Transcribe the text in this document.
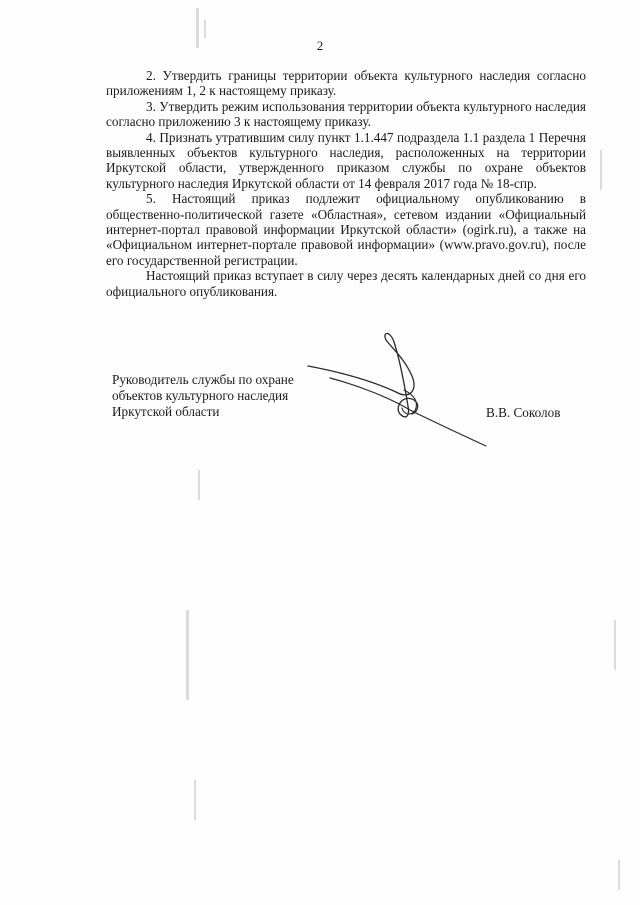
2

2. Утвердить границы территории объекта культурного наследия согласно приложениям 1, 2 к настоящему приказу.

3. Утвердить режим использования территории объекта культурного наследия согласно приложению 3 к настоящему приказу.

4. Признать утратившим силу пункт 1.1.447 подраздела 1.1 раздела 1 Перечня выявленных объектов культурного наследия, расположенных на территории Иркутской области, утвержденного приказом службы по охране объектов культурного наследия Иркутской области от 14 февраля 2017 года № 18-спр.

5. Настоящий приказ подлежит официальному опубликованию в общественно-политической газете «Областная», сетевом издании «Официальный интернет-портал правовой информации Иркутской области» (ogirk.ru), а также на «Официальном интернет-портале правовой информации» (www.pravo.gov.ru), после его государственной регистрации.

Настоящий приказ вступает в силу через десять календарных дней со дня его официального опубликования.

Руководитель службы по охране
объектов культурного наследия
Иркутской области	В.В. Соколов
